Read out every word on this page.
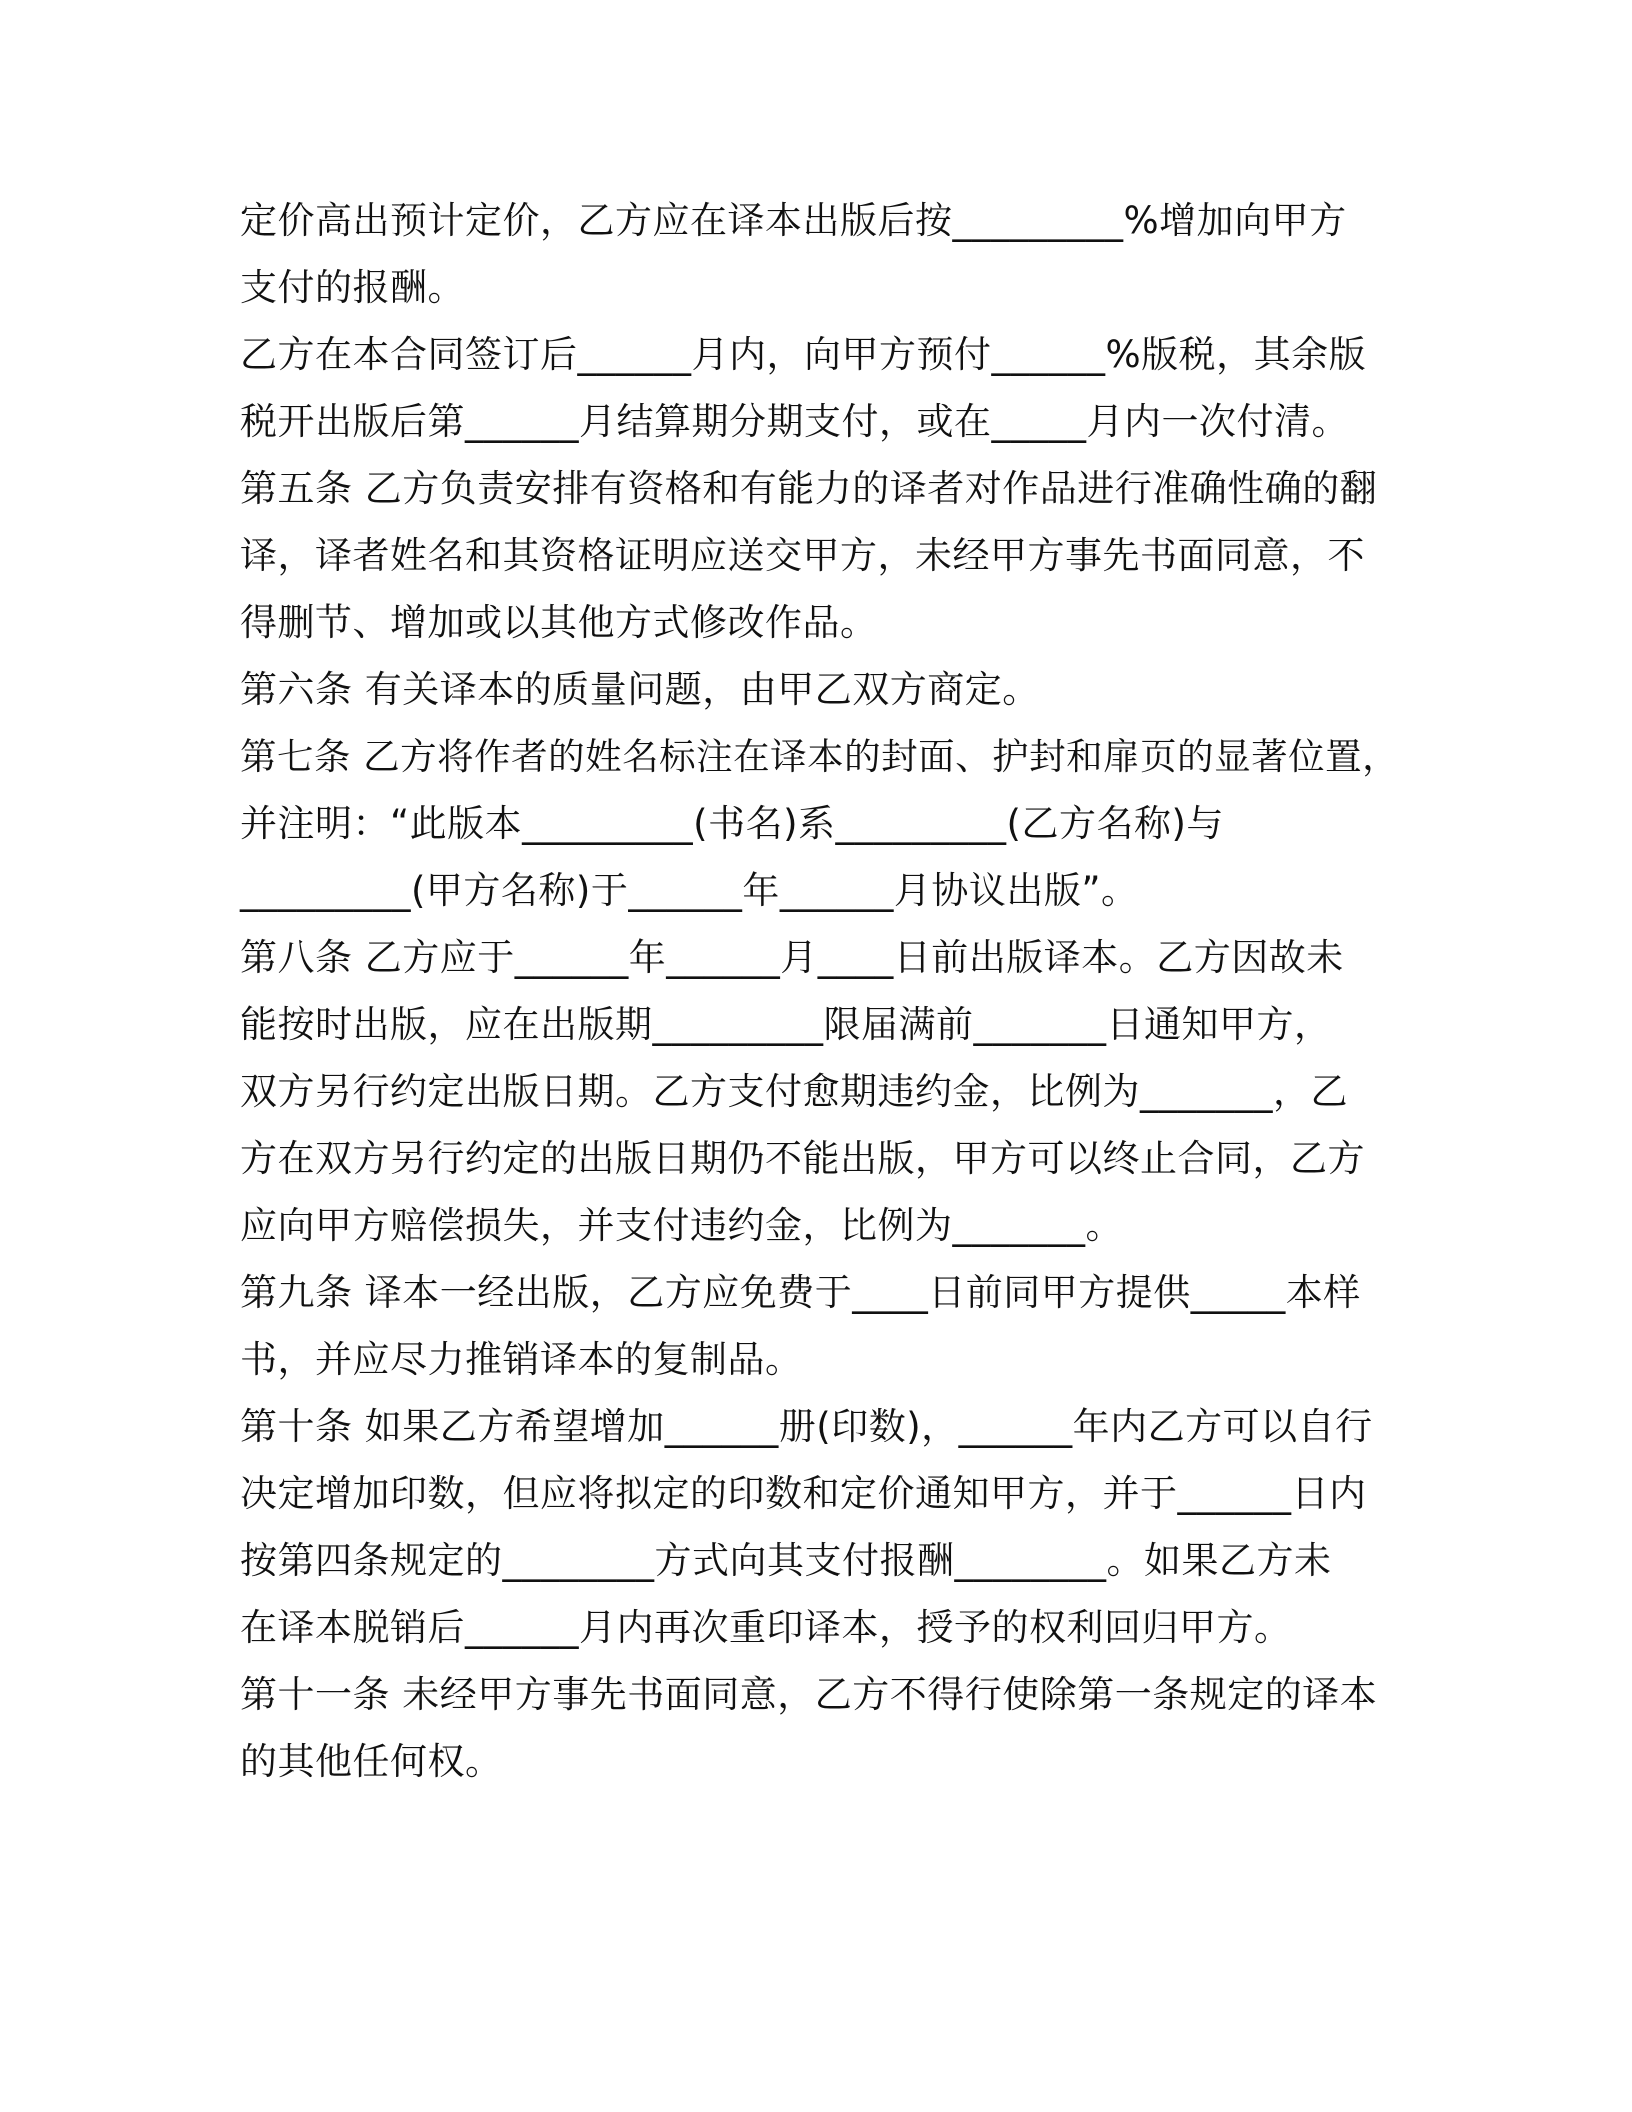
定价高出预计定价，乙方应在译本出版后按_________%增加向甲方
支付的报酬。
乙方在本合同签订后______月内，向甲方预付______%版税，其余版
税开出版后第______月结算期分期支付，或在_____月内一次付清。
第五条 乙方负责安排有资格和有能力的译者对作品进行准确性确的翻
译，译者姓名和其资格证明应送交甲方，未经甲方事先书面同意，不
得删节、增加或以其他方式修改作品。
第六条 有关译本的质量问题，由甲乙双方商定。
第七条 乙方将作者的姓名标注在译本的封面、护封和扉页的显著位置，
并注明：“此版本_________(书名)系_________(乙方名称)与
_________(甲方名称)于______年______月协议出版”。
第八条 乙方应于______年______月____日前出版译本。乙方因故未
能按时出版，应在出版期_________限届满前_______日通知甲方，
双方另行约定出版日期。乙方支付愈期违约金，比例为_______，乙
方在双方另行约定的出版日期仍不能出版，甲方可以终止合同，乙方
应向甲方赔偿损失，并支付违约金，比例为_______。
第九条 译本一经出版，乙方应免费于____日前同甲方提供_____本样
书，并应尽力推销译本的复制品。
第十条 如果乙方希望增加______册(印数)，______年内乙方可以自行
决定增加印数，但应将拟定的印数和定价通知甲方，并于______日内
按第四条规定的________方式向其支付报酬________。如果乙方未
在译本脱销后______月内再次重印译本，授予的权利回归甲方。
第十一条 未经甲方事先书面同意，乙方不得行使除第一条规定的译本
的其他任何权。
